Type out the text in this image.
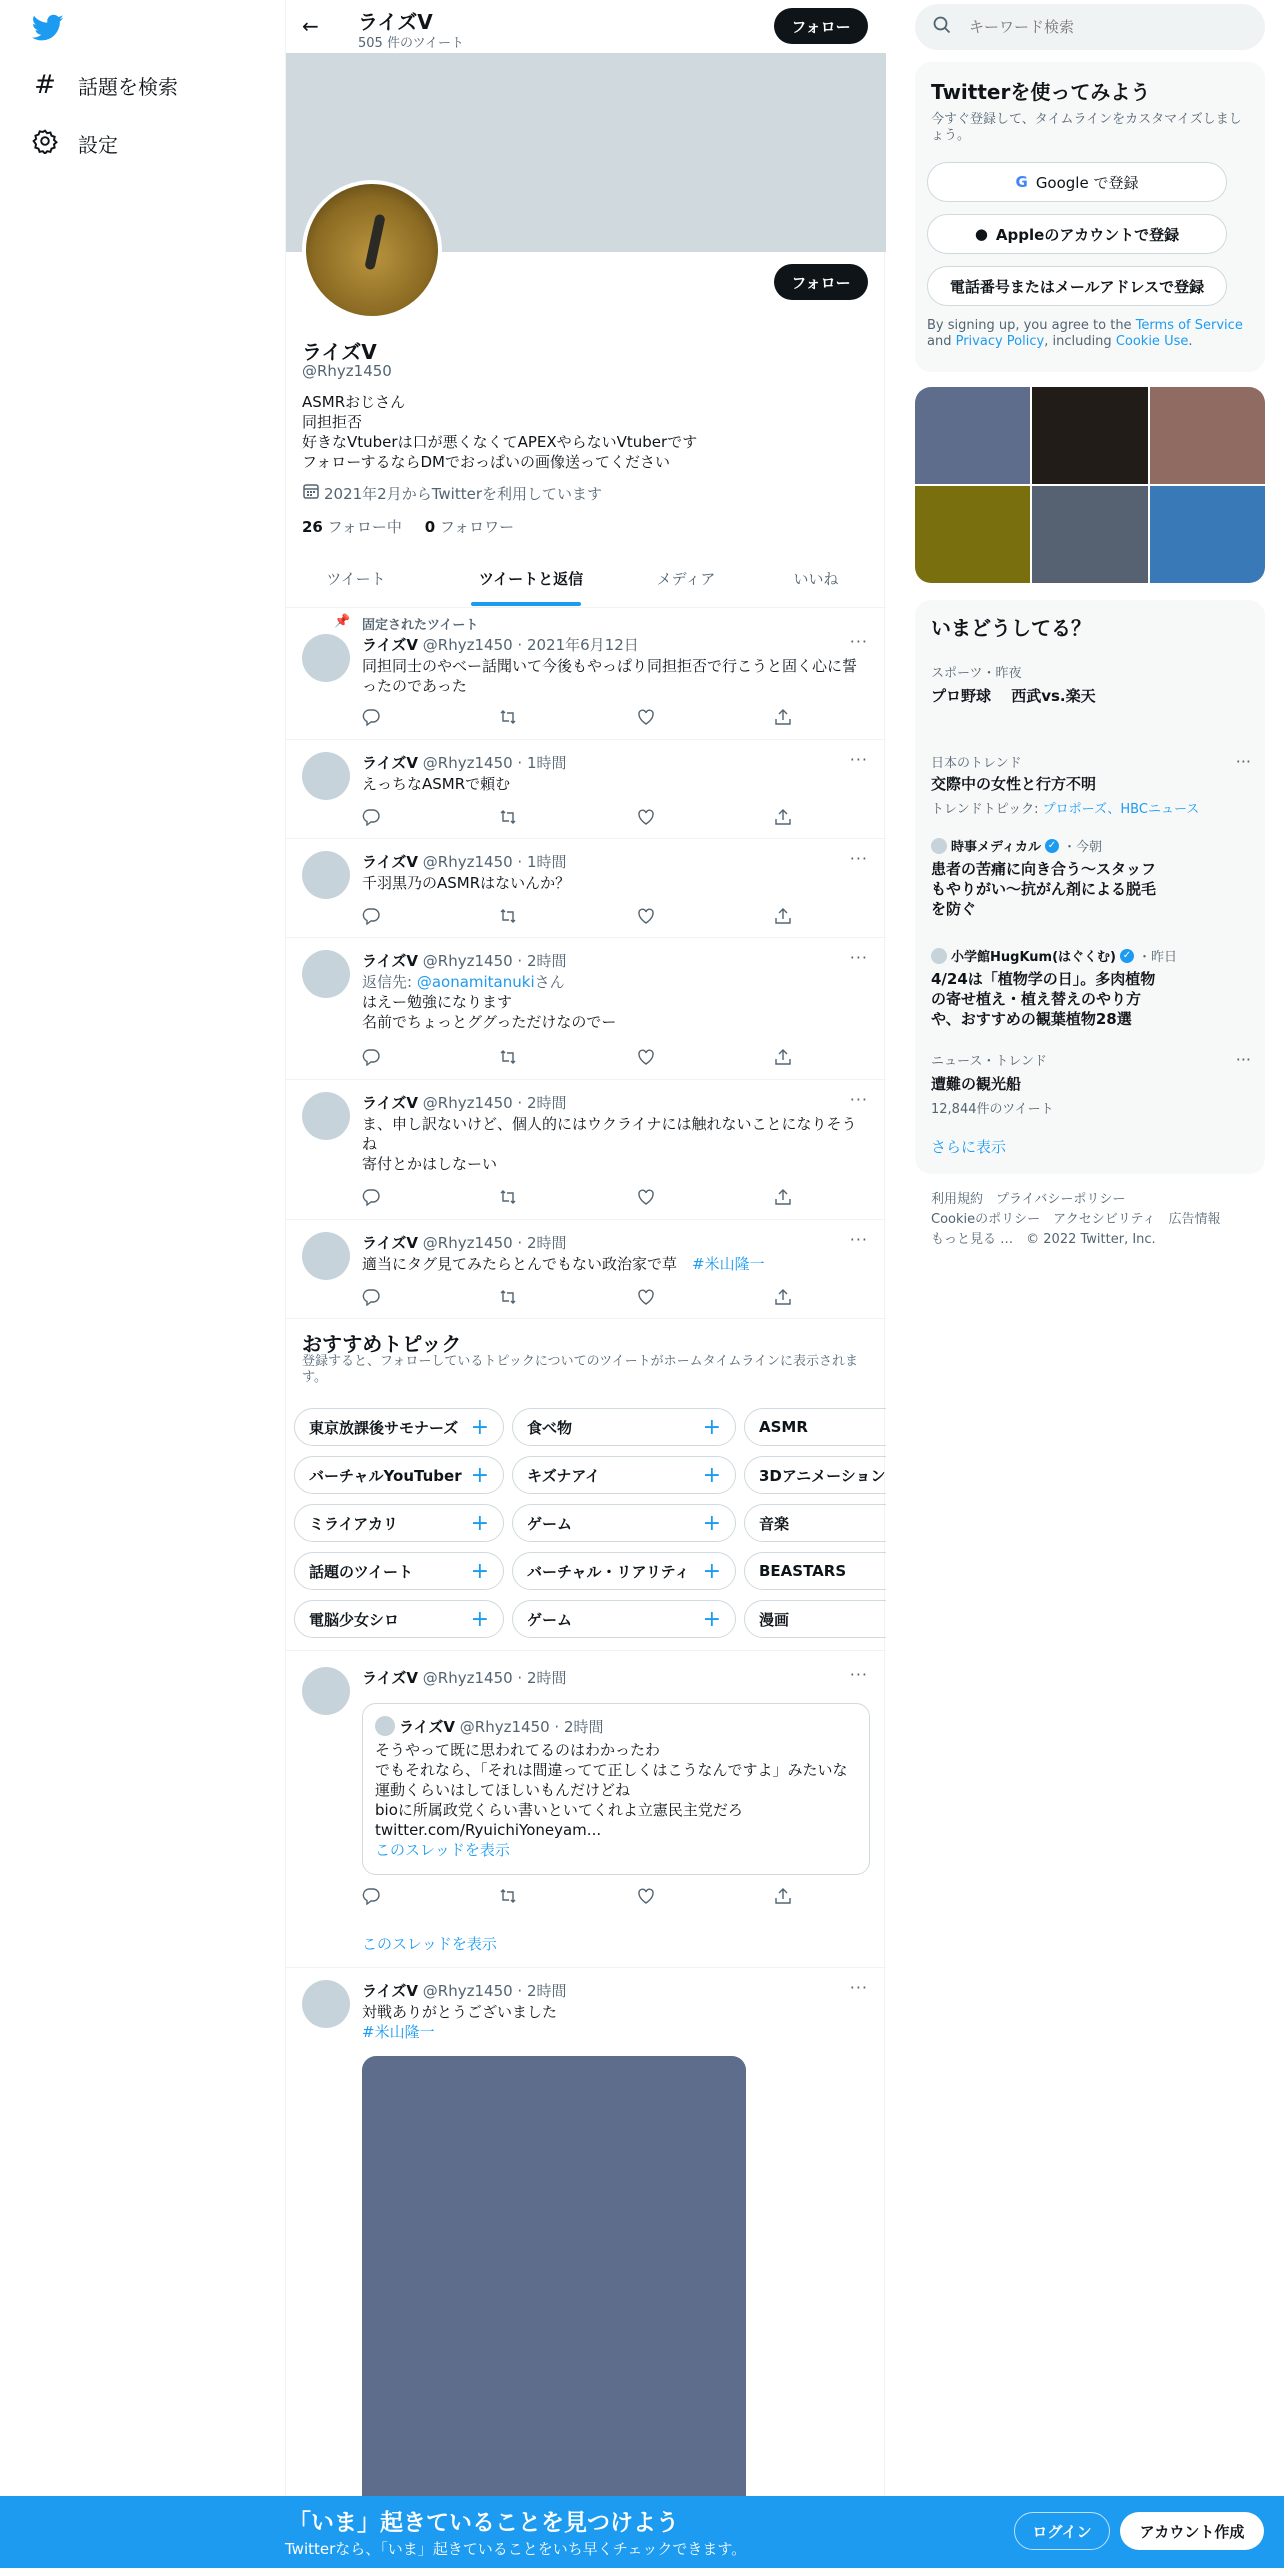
# 話題を検索
設定
← ライズV
505 件のツイート
フォロー
フォロー
ライズV
@Rhyz1450
ASMRおじさん
同担拒否
好きなVtuberは口が悪くなくてAPEXやらないVtuberです
フォローするならDMでおっぱいの画像送ってください
2021年2月からTwitterを利用しています
26 フォロー中 0 フォロワー
ツイート	ツイートと返信	メディア	いいね
📌 固定されたツイート
ライズV @Rhyz1450 · 2021年6月12日	···
同担同士のやべー話聞いて今後もやっぱり同担拒否で行こうと固く心に誓ったのであった
ライズV @Rhyz1450 · 1時間	···
えっちなASMRで頼む
ライズV @Rhyz1450 · 1時間	···
千羽黒乃のASMRはないんか？
ライズV @Rhyz1450 · 2時間	···
返信先: @aonamitanukiさん
はえー勉強になります
名前でちょっとググっただけなのでー
ライズV @Rhyz1450 · 2時間	···
ま、申し訳ないけど、個人的にはウクライナには触れないことになりそうね
寄付とかはしなーい
ライズV @Rhyz1450 · 2時間	···
適当にタグ見てみたらとんでもない政治家で草　 #米山隆一
おすすめトピック
登録すると、フォローしているトピックについてのツイートがホームタイムラインに表示されます。
東京放課後サモナーズ +	食べ物	+	ASMR
バーチャルYouTuber +	キズナアイ	+	3Dアニメーション
ミライアカリ	+	ゲーム	+	音楽
話題のツイート	+	バーチャル・リアリティ +	BEASTARS
電脳少女シロ	+	ゲーム	+	漫画
ライズV @Rhyz1450 · 2時間	···
ライズV @Rhyz1450 · 2時間
そうやって既に思われてるのはわかったわ
でもそれなら、「それは間違ってて正しくはこうなんですよ」みたいな運動くらいはしてほしいもんだけどね
bioに所属政党くらい書いといてくれよ立憲民主党だろ
twitter.com/RyuichiYoneyam...
このスレッドを表示
このスレッドを表示
ライズV @Rhyz1450 · 2時間	···
対戦ありがとうございました
#米山隆一
キーワード検索
Twitterを使ってみよう
今すぐ登録して、タイムラインをカスタマイズしましょう。
G Google で登録
● Appleのアカウントで登録
電話番号またはメールアドレスで登録
By signing up, you agree to the Terms of Service and Privacy Policy, including Cookie Use.
いまどうしてる？
スポーツ・昨夜
プロ野球　 西武vs.楽天
日本のトレンド
交際中の女性と行方不明
トレンドトピック: プロポーズ、HBCニュース
···
時事メディカル ✓ ・今朝
患者の苦痛に向き合う～スタッフもやりがい～抗がん剤による脱毛を防ぐ
小学館HugKum(はぐくむ) ✓ ・昨日
4/24は「植物学の日」。多肉植物の寄せ植え・植え替えのやり方や、おすすめの観葉植物28選
ニュース・トレンド
遭難の観光船
12,844件のツイート
···
さらに表示
利用規約　 プライバシーポリシー
Cookieのポリシー　 アクセシビリティ　 広告情報
もっと見る …　 © 2022 Twitter, Inc.
「いま」起きていることを見つけよう
Twitterなら、「いま」起きていることをいち早くチェックできます。
ログイン	アカウント作成
